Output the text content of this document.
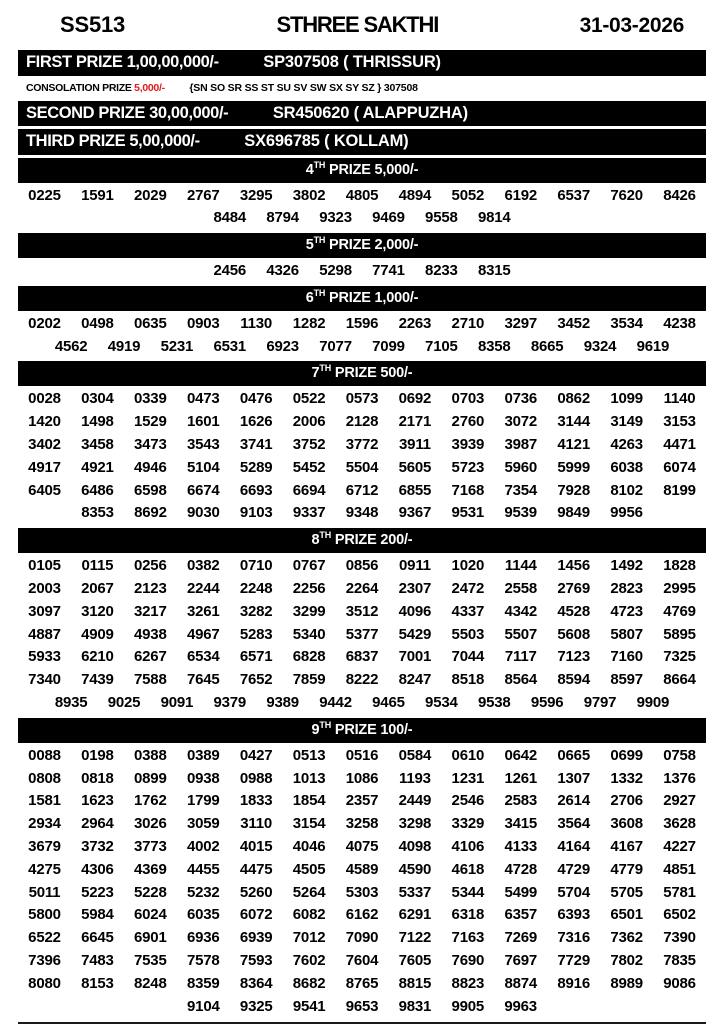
SS513	STHREE SAKTHI	31-03-2026
FIRST PRIZE 1,00,00,000/-	SP307508 ( THRISSUR)
CONSOLATION PRIZE 5,000/- {SN SO SR SS ST SU SV SW SX SY SZ } 307508
SECOND PRIZE 30,00,000/-	SR450620 ( ALAPPUZHA)
THIRD PRIZE 5,00,000/-	SX696785 ( KOLLAM)
4TH PRIZE 5,000/-
0225	1591	2029	2767	3295	3802	4805	4894	5052	6192	6537	7620	8426
8484	8794	9323	9469	9558	9814
5TH PRIZE 2,000/-
2456	4326	5298	7741	8233	8315
6TH PRIZE 1,000/-
0202	0498	0635	0903	1130	1282	1596	2263	2710	3297	3452	3534	4238
4562	4919	5231	6531	6923	7077	7099	7105	8358	8665	9324	9619
7TH PRIZE 500/-
0028	0304	0339	0473	0476	0522	0573	0692	0703	0736	0862	1099	1140
1420	1498	1529	1601	1626	2006	2128	2171	2760	3072	3144	3149	3153
3402	3458	3473	3543	3741	3752	3772	3911	3939	3987	4121	4263	4471
4917	4921	4946	5104	5289	5452	5504	5605	5723	5960	5999	6038	6074
6405	6486	6598	6674	6693	6694	6712	6855	7168	7354	7928	8102	8199
8353	8692	9030	9103	9337	9348	9367	9531	9539	9849	9956
8TH PRIZE 200/-
0105	0115	0256	0382	0710	0767	0856	0911	1020	1144	1456	1492	1828
2003	2067	2123	2244	2248	2256	2264	2307	2472	2558	2769	2823	2995
3097	3120	3217	3261	3282	3299	3512	4096	4337	4342	4528	4723	4769
4887	4909	4938	4967	5283	5340	5377	5429	5503	5507	5608	5807	5895
5933	6210	6267	6534	6571	6828	6837	7001	7044	7117	7123	7160	7325
7340	7439	7588	7645	7652	7859	8222	8247	8518	8564	8594	8597	8664
8935	9025	9091	9379	9389	9442	9465	9534	9538	9596	9797	9909
9TH PRIZE 100/-
0088	0198	0388	0389	0427	0513	0516	0584	0610	0642	0665	0699	0758
0808	0818	0899	0938	0988	1013	1086	1193	1231	1261	1307	1332	1376
1581	1623	1762	1799	1833	1854	2357	2449	2546	2583	2614	2706	2927
2934	2964	3026	3059	3110	3154	3258	3298	3329	3415	3564	3608	3628
3679	3732	3773	4002	4015	4046	4075	4098	4106	4133	4164	4167	4227
4275	4306	4369	4455	4475	4505	4589	4590	4618	4728	4729	4779	4851
5011	5223	5228	5232	5260	5264	5303	5337	5344	5499	5704	5705	5781
5800	5984	6024	6035	6072	6082	6162	6291	6318	6357	6393	6501	6502
6522	6645	6901	6936	6939	7012	7090	7122	7163	7269	7316	7362	7390
7396	7483	7535	7578	7593	7602	7604	7605	7690	7697	7729	7802	7835
8080	8153	8248	8359	8364	8682	8765	8815	8823	8874	8916	8989	9086
9104	9325	9541	9653	9831	9905	9963
